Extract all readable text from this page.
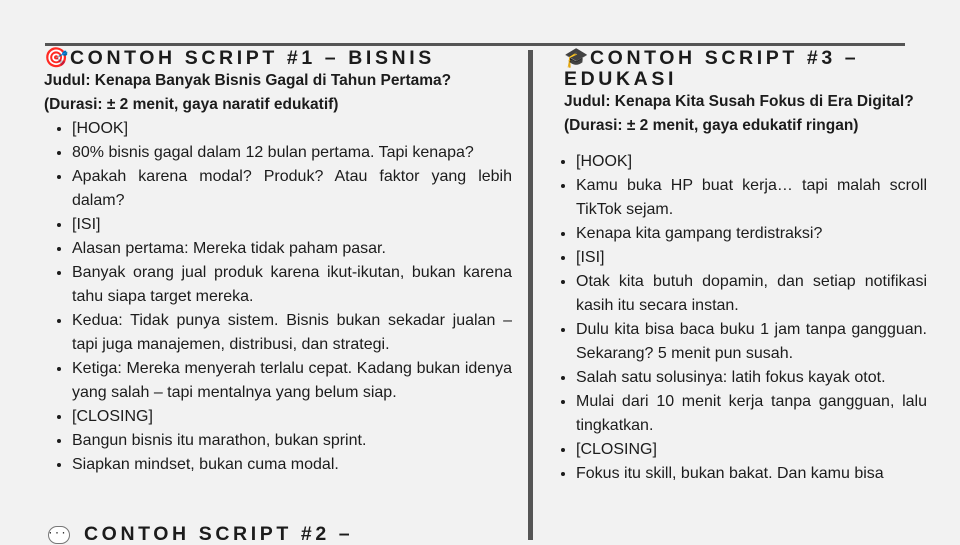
🎯CONTOH SCRIPT #1 – BISNIS

Judul: Kenapa Banyak Bisnis Gagal di Tahun Pertama?

(Durasi: ± 2 menit, gaya naratif edukatif)

• [HOOK]
• 80% bisnis gagal dalam 12 bulan pertama. Tapi kenapa?
• Apakah karena modal? Produk? Atau faktor yang lebih dalam?
• [ISI]
• Alasan pertama: Mereka tidak paham pasar.
• Banyak orang jual produk karena ikut-ikutan, bukan karena tahu siapa target mereka.
• Kedua: Tidak punya sistem. Bisnis bukan sekadar jualan – tapi juga manajemen, distribusi, dan strategi.
• Ketiga: Mereka menyerah terlalu cepat. Kadang bukan idenya yang salah – tapi mentalnya yang belum siap.
• [CLOSING]
• Bangun bisnis itu marathon, bukan sprint.
• Siapkan mindset, bukan cuma modal.

🎓CONTOH SCRIPT #3 – EDUKASI

Judul: Kenapa Kita Susah Fokus di Era Digital?

(Durasi: ± 2 menit, gaya edukatif ringan)

• [HOOK]
• Kamu buka HP buat kerja… tapi malah scroll TikTok sejam.
• Kenapa kita gampang terdistraksi?
• [ISI]
• Otak kita butuh dopamin, dan setiap notifikasi kasih itu secara instan.
• Dulu kita bisa baca buku 1 jam tanpa gangguan. Sekarang? 5 menit pun susah.
• Salah satu solusinya: latih fokus kayak otot.
• Mulai dari 10 menit kerja tanpa gangguan, lalu tingkatkan.
• [CLOSING]
• Fokus itu skill, bukan bakat. Dan kamu bisa
··· CONTOH SCRIPT #2 –
